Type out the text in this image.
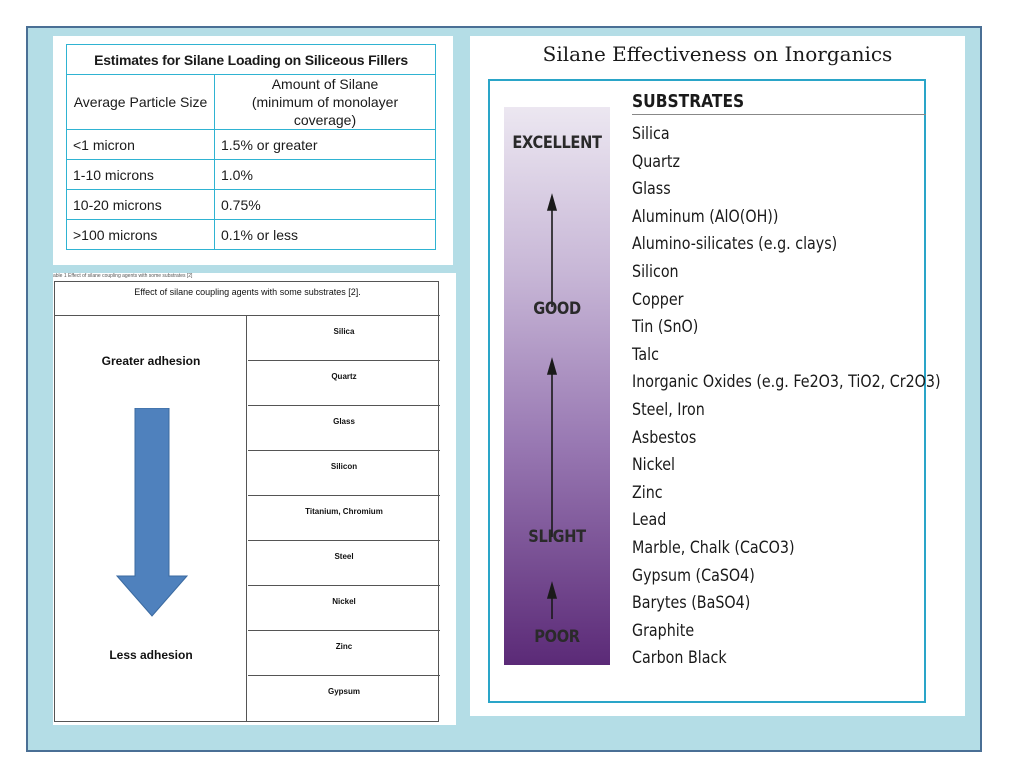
Estimates for Silane Loading on Siliceous Fillers	
Average Particle Size	Amount of Silane
(minimum of monolayer coverage)

<1 micron	1.5% or greater
1-10 microns	1.0%
10-20 microns	0.75%
>100 microns	0.1% or less
able 1 Effect of silane coupling agents with some substrates [2]
Effect of silane coupling agents with some substrates [2].
Greater adhesion
Less adhesion
Silica
Quartz
Glass
Silicon
Titanium, Chromium
Steel
Nickel
Zinc
Gypsum
Silane Effectiveness on Inorganics
EXCELLENT
GOOD
SLIGHT
POOR
SUBSTRATES
Silica
Quartz
Glass
Aluminum (AlO(OH))
Alumino-silicates (e.g. clays)
Silicon
Copper
Tin (SnO)
Talc
Inorganic Oxides (e.g. Fe2O3, TiO2, Cr2O3)
Steel, Iron
Asbestos
Nickel
Zinc
Lead
Marble, Chalk (CaCO3)
Gypsum (CaSO4)
Barytes (BaSO4)
Graphite
Carbon Black
